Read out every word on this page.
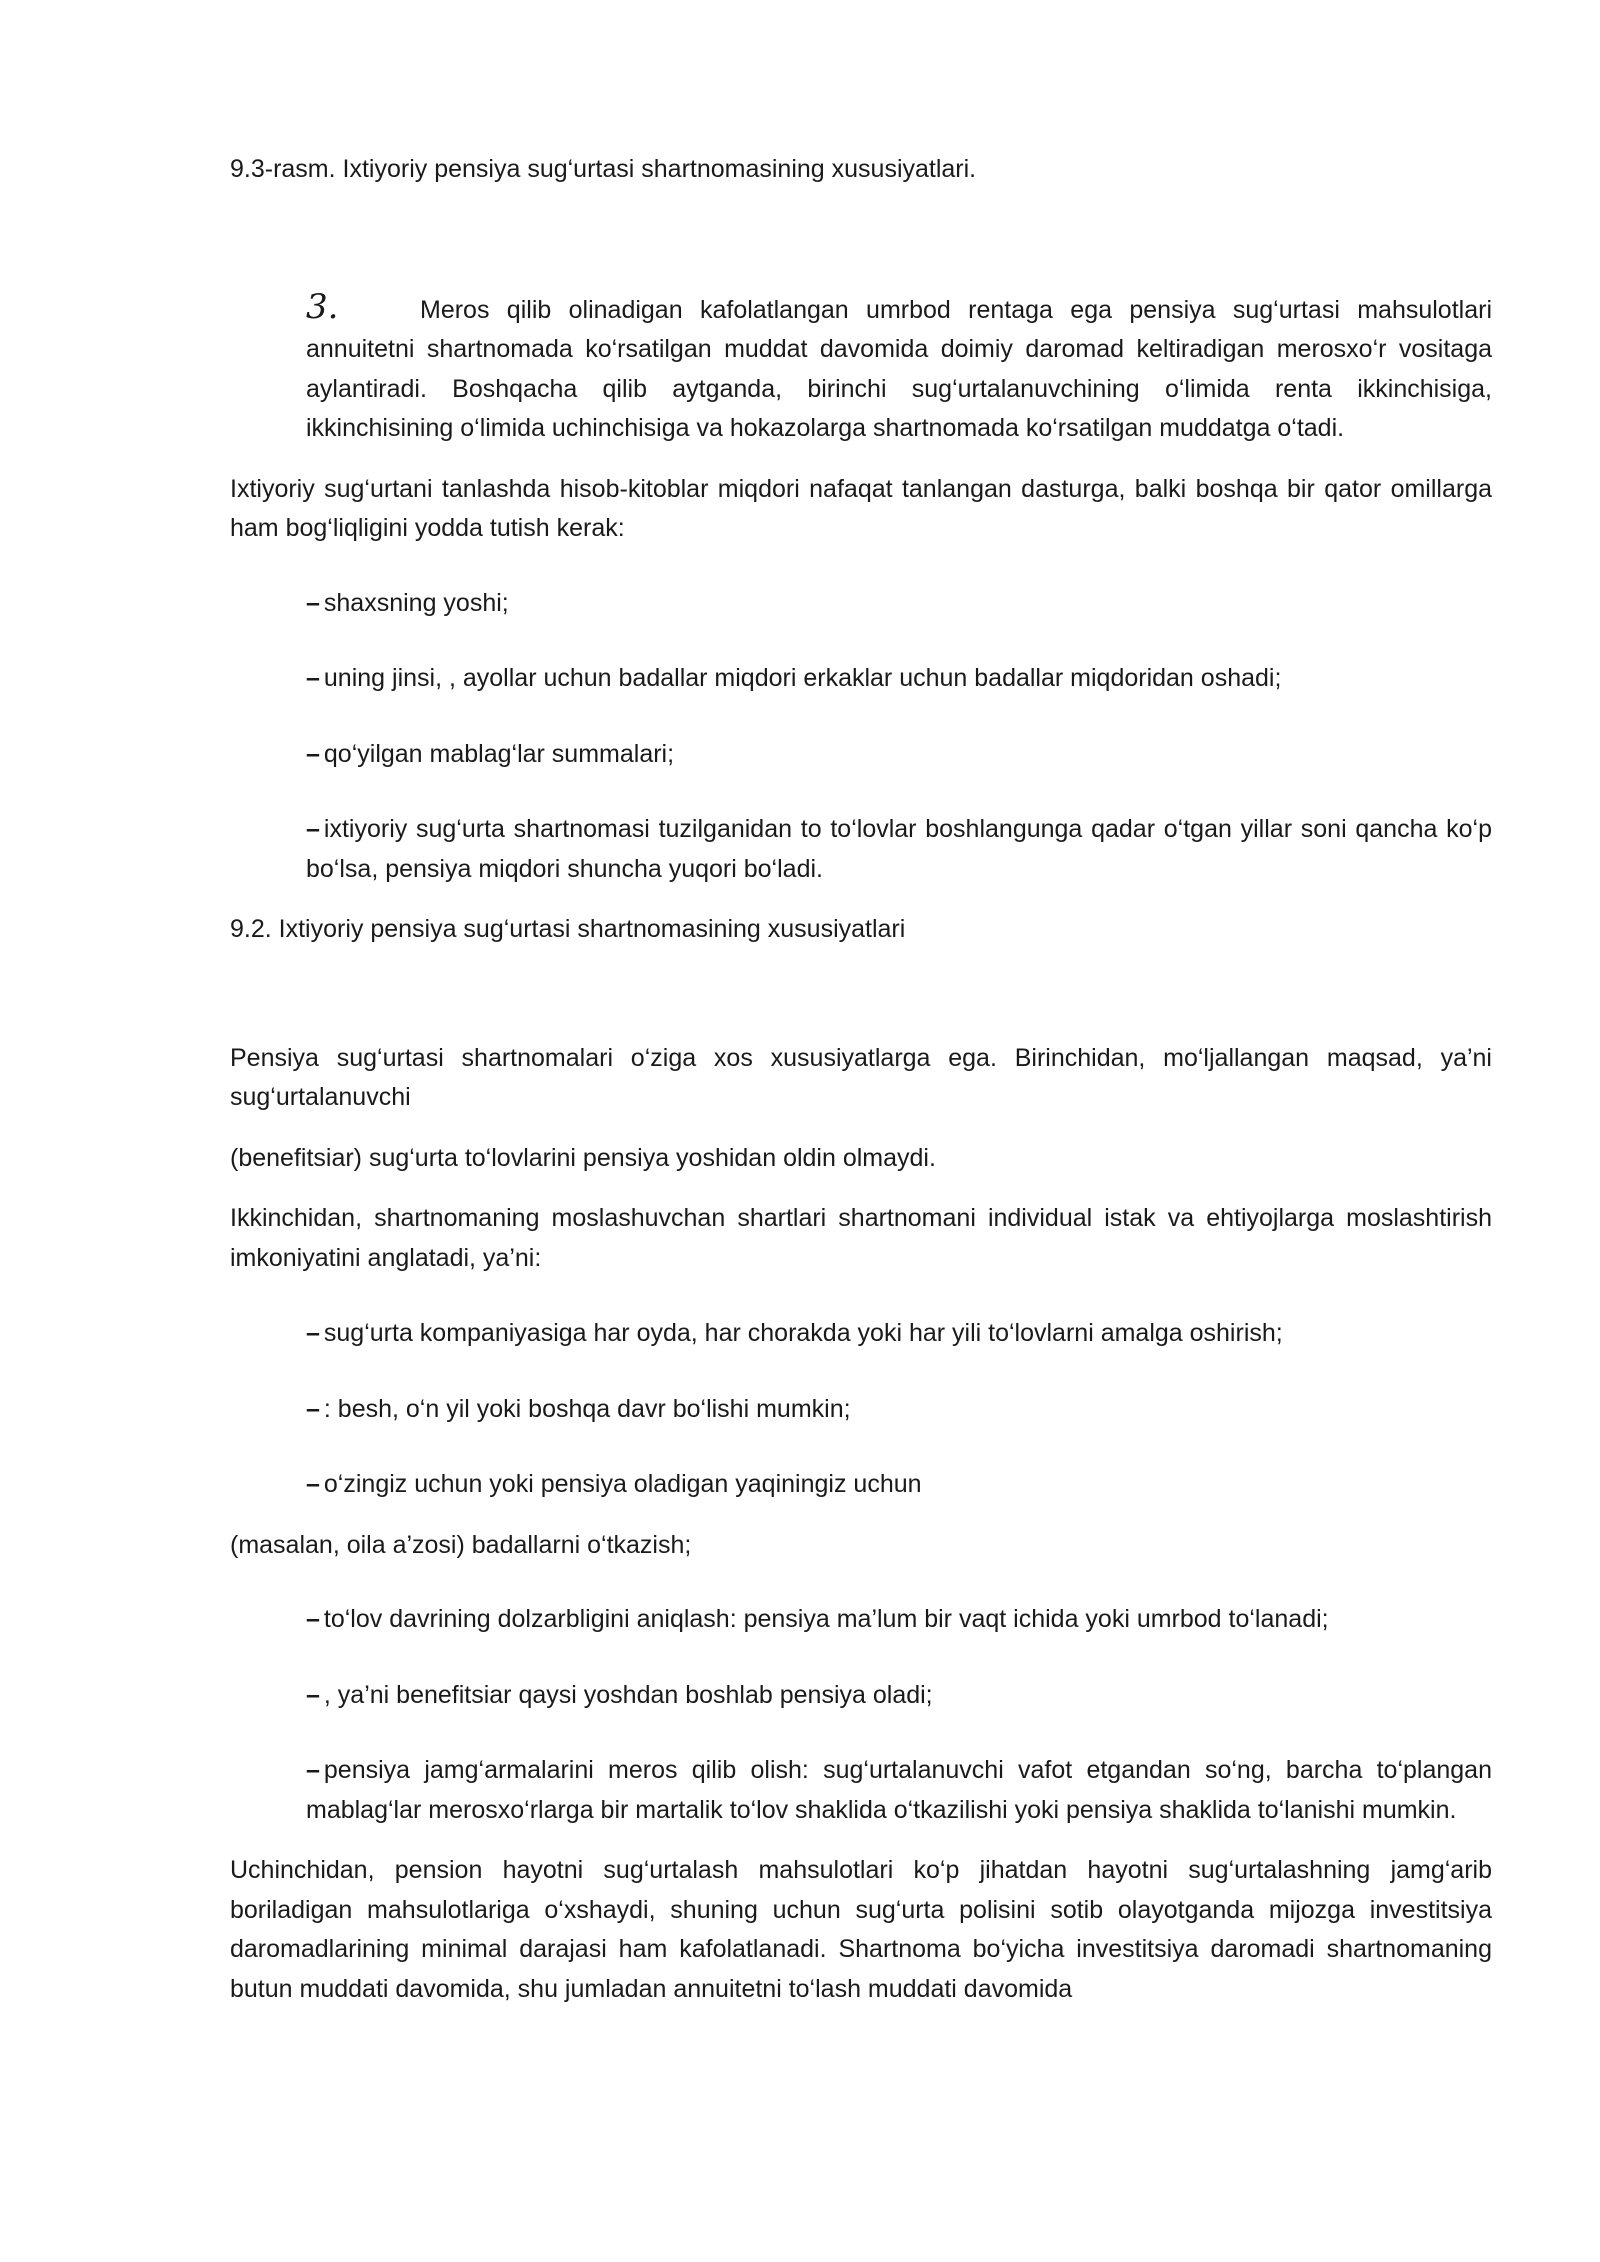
9.3-rasm. Ixtiyoriy pensiya sug‘urtasi shartnomasining xususiyatlari.

3.	Meros qilib olinadigan kafolatlangan umrbod rentaga ega pensiya sug‘urtasi mahsulotlari annuitetni shartnomada ko‘rsatilgan muddat davomida doimiy daromad keltiradigan merosxo‘r vositaga aylantiradi. Boshqacha qilib aytganda, birinchi sug‘urtalanuvchining o‘limida renta ikkinchisiga, ikkinchisining o‘limida uchinchisiga va hokazolarga shartnomada ko‘rsatilgan muddatga o‘tadi.

Ixtiyoriy sug‘urtani tanlashda hisob-kitoblar miqdori nafaqat tanlangan dasturga, balki boshqa bir qator omillarga ham bog‘liqligini yodda tutish kerak:

– shaxsning yoshi;

– uning jinsi, , ayollar uchun badallar miqdori erkaklar uchun badallar miqdoridan oshadi;

– qo‘yilgan mablag‘lar summalari;

– ixtiyoriy sug‘urta shartnomasi tuzilganidan to to‘lovlar boshlangunga qadar o‘tgan yillar soni qancha ko‘p bo‘lsa, pensiya miqdori shuncha yuqori bo‘ladi.

9.2. Ixtiyoriy pensiya sug‘urtasi shartnomasining xususiyatlari

Pensiya sug‘urtasi shartnomalari o‘ziga xos xususiyatlarga ega. Birinchidan, mo‘ljallangan maqsad, ya’ni sug‘urtalanuvchi

(benefitsiar) sug‘urta to‘lovlarini pensiya yoshidan oldin olmaydi.

Ikkinchidan, shartnomaning moslashuvchan shartlari shartnomani individual istak va ehtiyojlarga moslashtirish imkoniyatini anglatadi, ya’ni:

– sug‘urta kompaniyasiga har oyda, har chorakda yoki har yili to‘lovlarni amalga oshirish;

– : besh, o‘n yil yoki boshqa davr bo‘lishi mumkin;

– o‘zingiz uchun yoki pensiya oladigan yaqiningiz uchun

(masalan, oila a’zosi) badallarni o‘tkazish;

– to‘lov davrining dolzarbligini aniqlash: pensiya ma’lum bir vaqt ichida yoki umrbod to‘lanadi;

– , ya’ni benefitsiar qaysi yoshdan boshlab pensiya oladi;

– pensiya jamg‘armalarini meros qilib olish: sug‘urtalanuvchi vafot etgandan so‘ng, barcha to‘plangan mablag‘lar merosxo‘rlarga bir martalik to‘lov shaklida o‘tkazilishi yoki pensiya shaklida to‘lanishi mumkin.

Uchinchidan, pension hayotni sug‘urtalash mahsulotlari ko‘p jihatdan hayotni sug‘urtalashning jamg‘arib boriladigan mahsulotlariga o‘xshaydi, shuning uchun sug‘urta polisini sotib olayotganda mijozga investitsiya daromadlarining minimal darajasi ham kafolatlanadi. Shartnoma bo‘yicha investitsiya daromadi shartnomaning butun muddati davomida, shu jumladan annuitetni to‘lash muddati davomida
